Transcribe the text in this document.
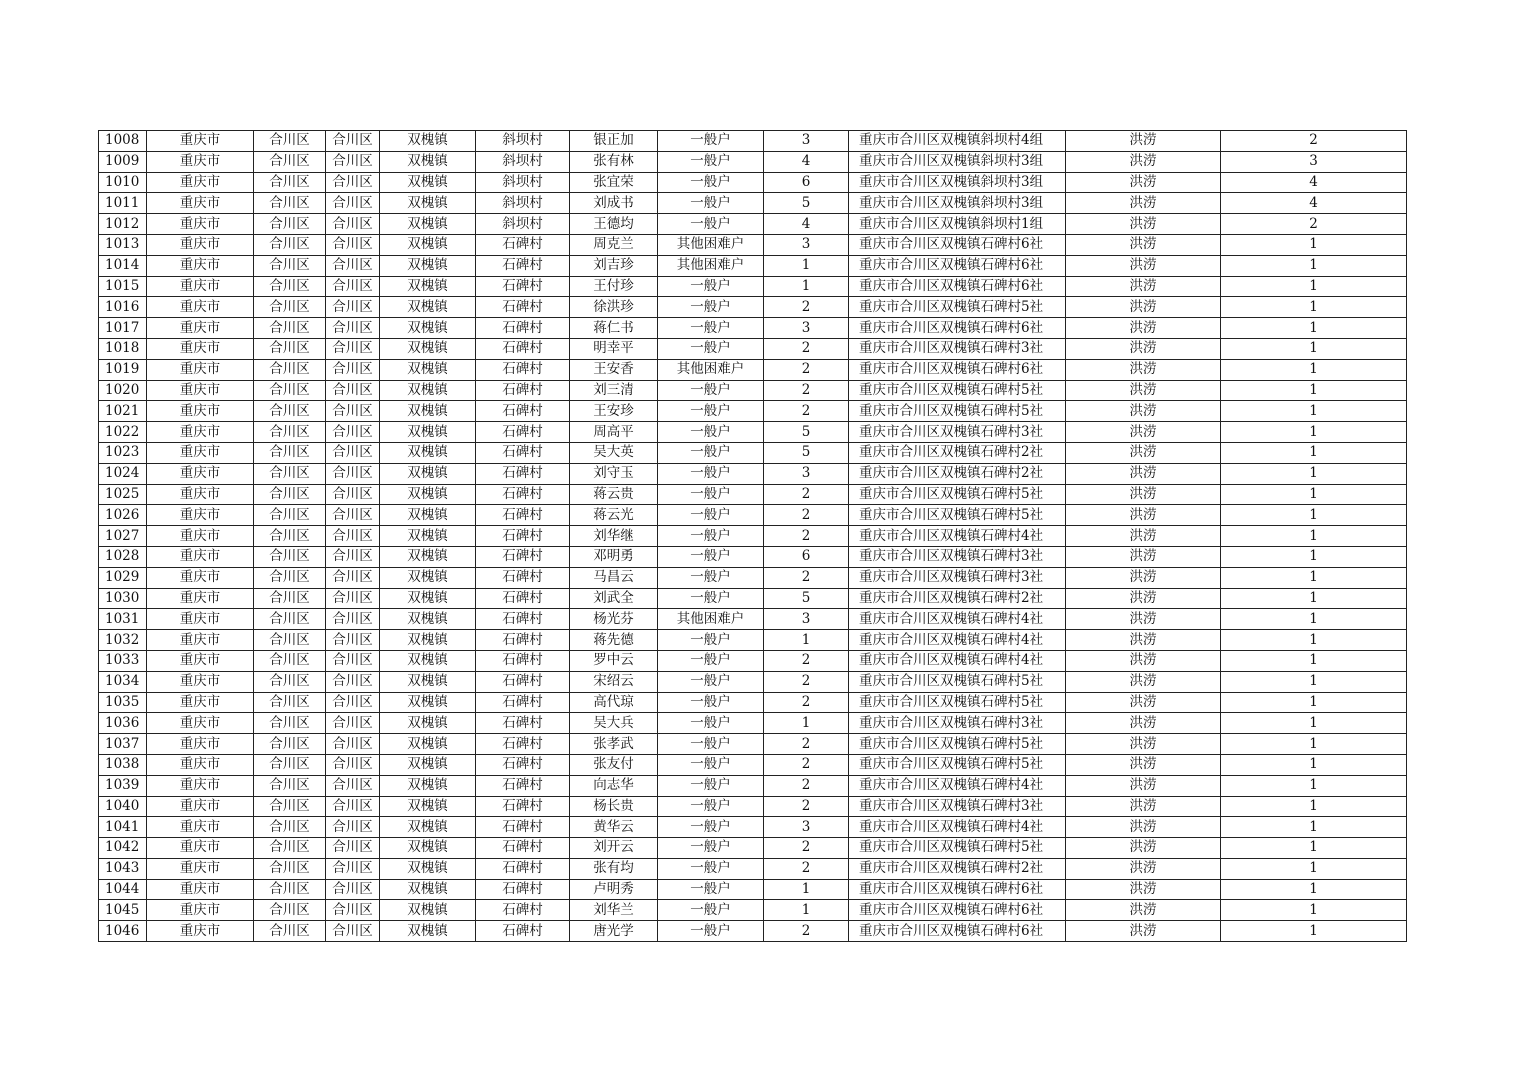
1008	重庆市	合川区	合川区	双槐镇	斜坝村	银正加	一般户	3	重庆市合川区双槐镇斜坝村4组	洪涝	2
1009	重庆市	合川区	合川区	双槐镇	斜坝村	张有林	一般户	4	重庆市合川区双槐镇斜坝村3组	洪涝	3
1010	重庆市	合川区	合川区	双槐镇	斜坝村	张宜荣	一般户	6	重庆市合川区双槐镇斜坝村3组	洪涝	4
1011	重庆市	合川区	合川区	双槐镇	斜坝村	刘成书	一般户	5	重庆市合川区双槐镇斜坝村3组	洪涝	4
1012	重庆市	合川区	合川区	双槐镇	斜坝村	王德均	一般户	4	重庆市合川区双槐镇斜坝村1组	洪涝	2
1013	重庆市	合川区	合川区	双槐镇	石碑村	周克兰	其他困难户	3	重庆市合川区双槐镇石碑村6社	洪涝	1
1014	重庆市	合川区	合川区	双槐镇	石碑村	刘吉珍	其他困难户	1	重庆市合川区双槐镇石碑村6社	洪涝	1
1015	重庆市	合川区	合川区	双槐镇	石碑村	王付珍	一般户	1	重庆市合川区双槐镇石碑村6社	洪涝	1
1016	重庆市	合川区	合川区	双槐镇	石碑村	徐洪珍	一般户	2	重庆市合川区双槐镇石碑村5社	洪涝	1
1017	重庆市	合川区	合川区	双槐镇	石碑村	蒋仁书	一般户	3	重庆市合川区双槐镇石碑村6社	洪涝	1
1018	重庆市	合川区	合川区	双槐镇	石碑村	明幸平	一般户	2	重庆市合川区双槐镇石碑村3社	洪涝	1
1019	重庆市	合川区	合川区	双槐镇	石碑村	王安香	其他困难户	2	重庆市合川区双槐镇石碑村6社	洪涝	1
1020	重庆市	合川区	合川区	双槐镇	石碑村	刘三清	一般户	2	重庆市合川区双槐镇石碑村5社	洪涝	1
1021	重庆市	合川区	合川区	双槐镇	石碑村	王安珍	一般户	2	重庆市合川区双槐镇石碑村5社	洪涝	1
1022	重庆市	合川区	合川区	双槐镇	石碑村	周高平	一般户	5	重庆市合川区双槐镇石碑村3社	洪涝	1
1023	重庆市	合川区	合川区	双槐镇	石碑村	吴大英	一般户	5	重庆市合川区双槐镇石碑村2社	洪涝	1
1024	重庆市	合川区	合川区	双槐镇	石碑村	刘守玉	一般户	3	重庆市合川区双槐镇石碑村2社	洪涝	1
1025	重庆市	合川区	合川区	双槐镇	石碑村	蒋云贵	一般户	2	重庆市合川区双槐镇石碑村5社	洪涝	1
1026	重庆市	合川区	合川区	双槐镇	石碑村	蒋云光	一般户	2	重庆市合川区双槐镇石碑村5社	洪涝	1
1027	重庆市	合川区	合川区	双槐镇	石碑村	刘华继	一般户	2	重庆市合川区双槐镇石碑村4社	洪涝	1
1028	重庆市	合川区	合川区	双槐镇	石碑村	邓明勇	一般户	6	重庆市合川区双槐镇石碑村3社	洪涝	1
1029	重庆市	合川区	合川区	双槐镇	石碑村	马昌云	一般户	2	重庆市合川区双槐镇石碑村3社	洪涝	1
1030	重庆市	合川区	合川区	双槐镇	石碑村	刘武全	一般户	5	重庆市合川区双槐镇石碑村2社	洪涝	1
1031	重庆市	合川区	合川区	双槐镇	石碑村	杨光芬	其他困难户	3	重庆市合川区双槐镇石碑村4社	洪涝	1
1032	重庆市	合川区	合川区	双槐镇	石碑村	蒋先德	一般户	1	重庆市合川区双槐镇石碑村4社	洪涝	1
1033	重庆市	合川区	合川区	双槐镇	石碑村	罗中云	一般户	2	重庆市合川区双槐镇石碑村4社	洪涝	1
1034	重庆市	合川区	合川区	双槐镇	石碑村	宋绍云	一般户	2	重庆市合川区双槐镇石碑村5社	洪涝	1
1035	重庆市	合川区	合川区	双槐镇	石碑村	高代琼	一般户	2	重庆市合川区双槐镇石碑村5社	洪涝	1
1036	重庆市	合川区	合川区	双槐镇	石碑村	吴大兵	一般户	1	重庆市合川区双槐镇石碑村3社	洪涝	1
1037	重庆市	合川区	合川区	双槐镇	石碑村	张孝武	一般户	2	重庆市合川区双槐镇石碑村5社	洪涝	1
1038	重庆市	合川区	合川区	双槐镇	石碑村	张友付	一般户	2	重庆市合川区双槐镇石碑村5社	洪涝	1
1039	重庆市	合川区	合川区	双槐镇	石碑村	向志华	一般户	2	重庆市合川区双槐镇石碑村4社	洪涝	1
1040	重庆市	合川区	合川区	双槐镇	石碑村	杨长贵	一般户	2	重庆市合川区双槐镇石碑村3社	洪涝	1
1041	重庆市	合川区	合川区	双槐镇	石碑村	黄华云	一般户	3	重庆市合川区双槐镇石碑村4社	洪涝	1
1042	重庆市	合川区	合川区	双槐镇	石碑村	刘开云	一般户	2	重庆市合川区双槐镇石碑村5社	洪涝	1
1043	重庆市	合川区	合川区	双槐镇	石碑村	张有均	一般户	2	重庆市合川区双槐镇石碑村2社	洪涝	1
1044	重庆市	合川区	合川区	双槐镇	石碑村	卢明秀	一般户	1	重庆市合川区双槐镇石碑村6社	洪涝	1
1045	重庆市	合川区	合川区	双槐镇	石碑村	刘华兰	一般户	1	重庆市合川区双槐镇石碑村6社	洪涝	1
1046	重庆市	合川区	合川区	双槐镇	石碑村	唐光学	一般户	2	重庆市合川区双槐镇石碑村6社	洪涝	1
